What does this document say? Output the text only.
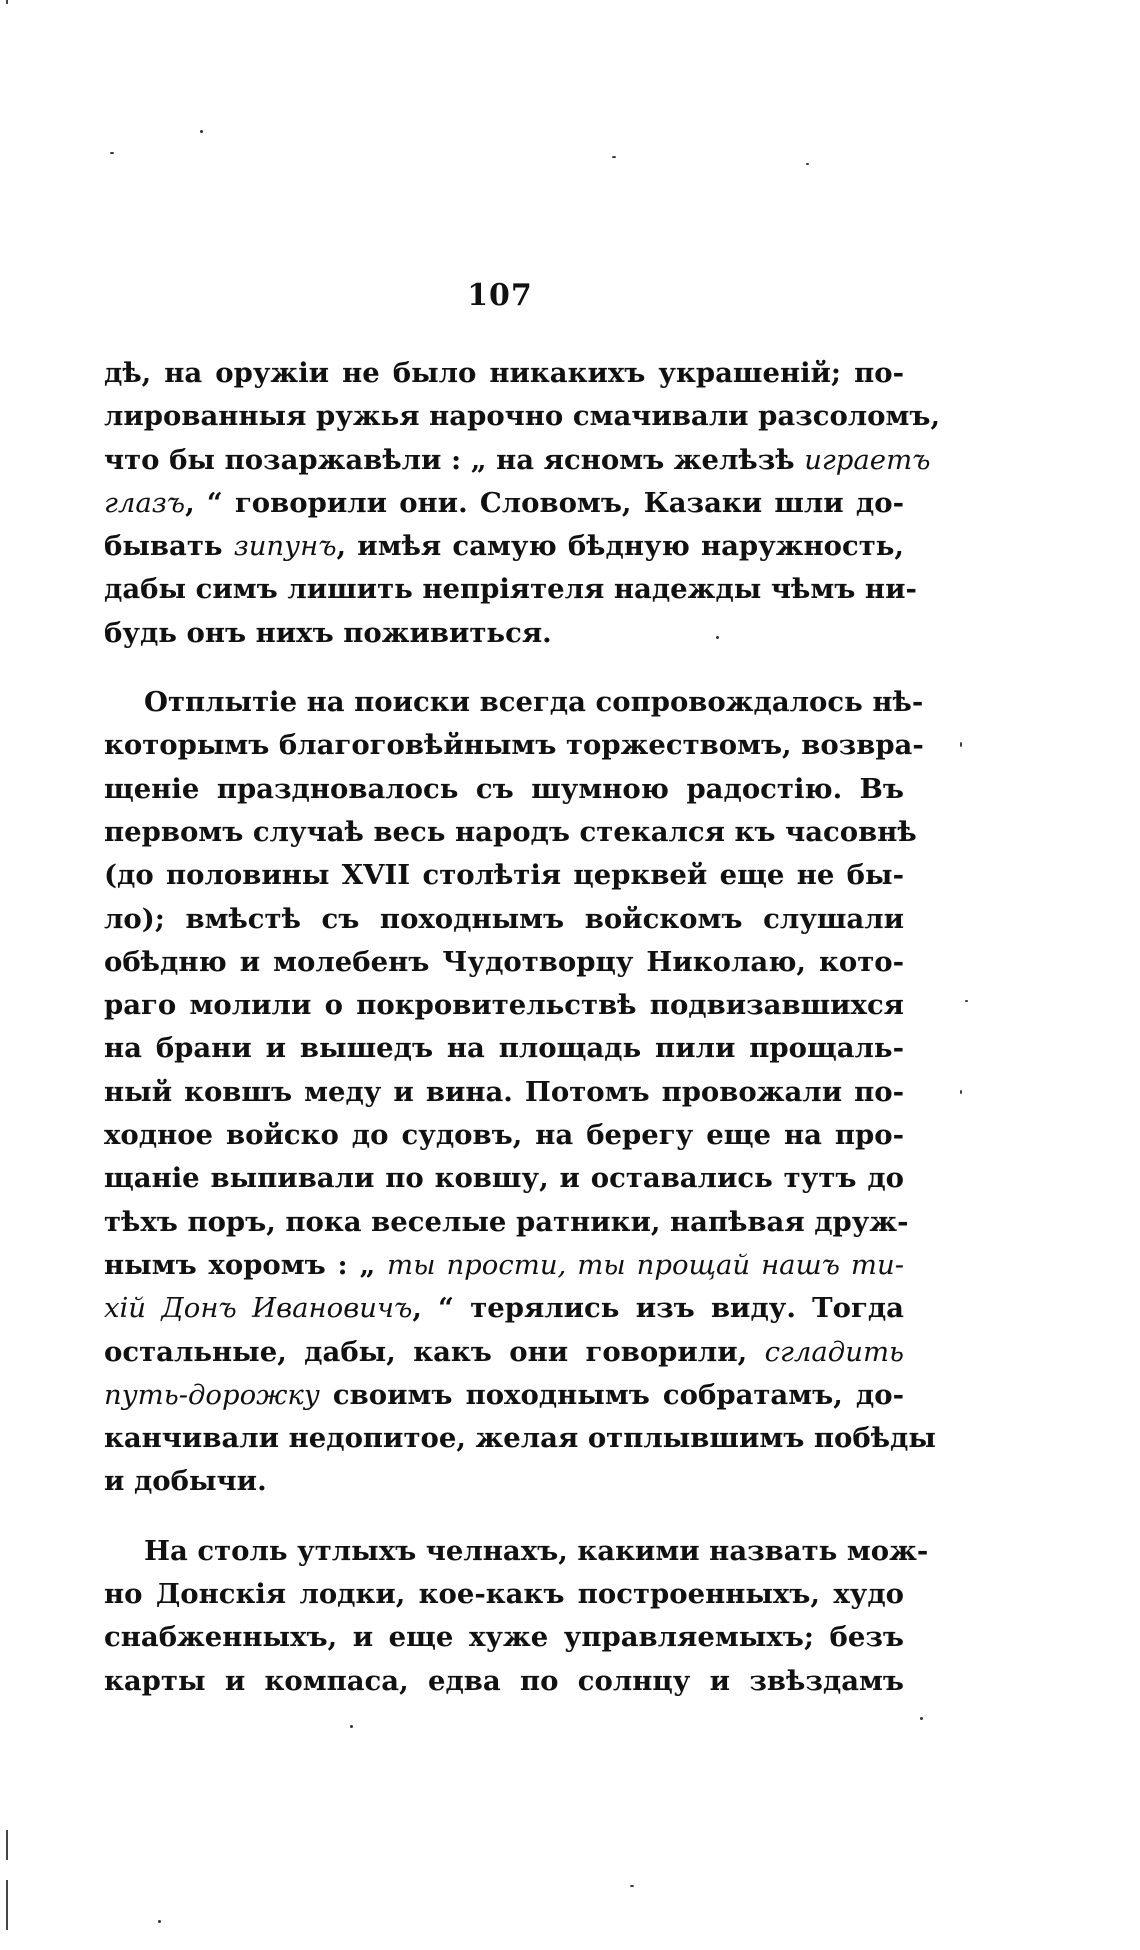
107
дѣ, на оружіи не было никакихъ украшеній; по-
лированныя ружья нарочно смачивали разсоломъ,
что бы позаржавѣли : „ на ясномъ желѣзѣ играетъ
глазъ, “ говорили они. Словомъ, Казаки шли до-
бывать зипунъ, имѣя самую бѣдную наружность,
дабы симъ лишить непріятеля надежды чѣмъ ни-
будь онъ нихъ поживиться.
Отплытіе на поиски всегда сопровождалось нѣ-
которымъ благоговѣйнымъ торжествомъ, возвра-
щеніе праздновалось съ шумною радостію. Въ
первомъ случаѣ весь народъ стекался къ часовнѣ
(до половины XVII столѣтія церквей еще не бы-
ло); вмѣстѣ съ походнымъ войскомъ слушали
обѣдню и молебенъ Чудотворцу Николаю, кото-
раго молили о покровительствѣ подвизавшихся
на брани и вышедъ на площадь пили прощаль-
ный ковшъ меду и вина. Потомъ провожали по-
ходное войско до судовъ, на берегу еще на про-
щаніе выпивали по ковшу, и оставались тутъ до
тѣхъ поръ, пока веселые ратники, напѣвая друж-
нымъ хоромъ : „ ты прости, ты прощай нашъ ти-
хій Донъ Ивановичъ, “ терялись изъ виду. Тогда
остальные, дабы, какъ они говорили, сгладить
путь-дорожку своимъ походнымъ собратамъ, до-
канчивали недопитое, желая отплывшимъ побѣды
и добычи.
На столь утлыхъ челнахъ, какими назвать мож-
но Донскія лодки, кое-какъ построенныхъ, худо
снабженныхъ, и еще хуже управляемыхъ; безъ
карты и компаса, едва по солнцу и звѣздамъ
